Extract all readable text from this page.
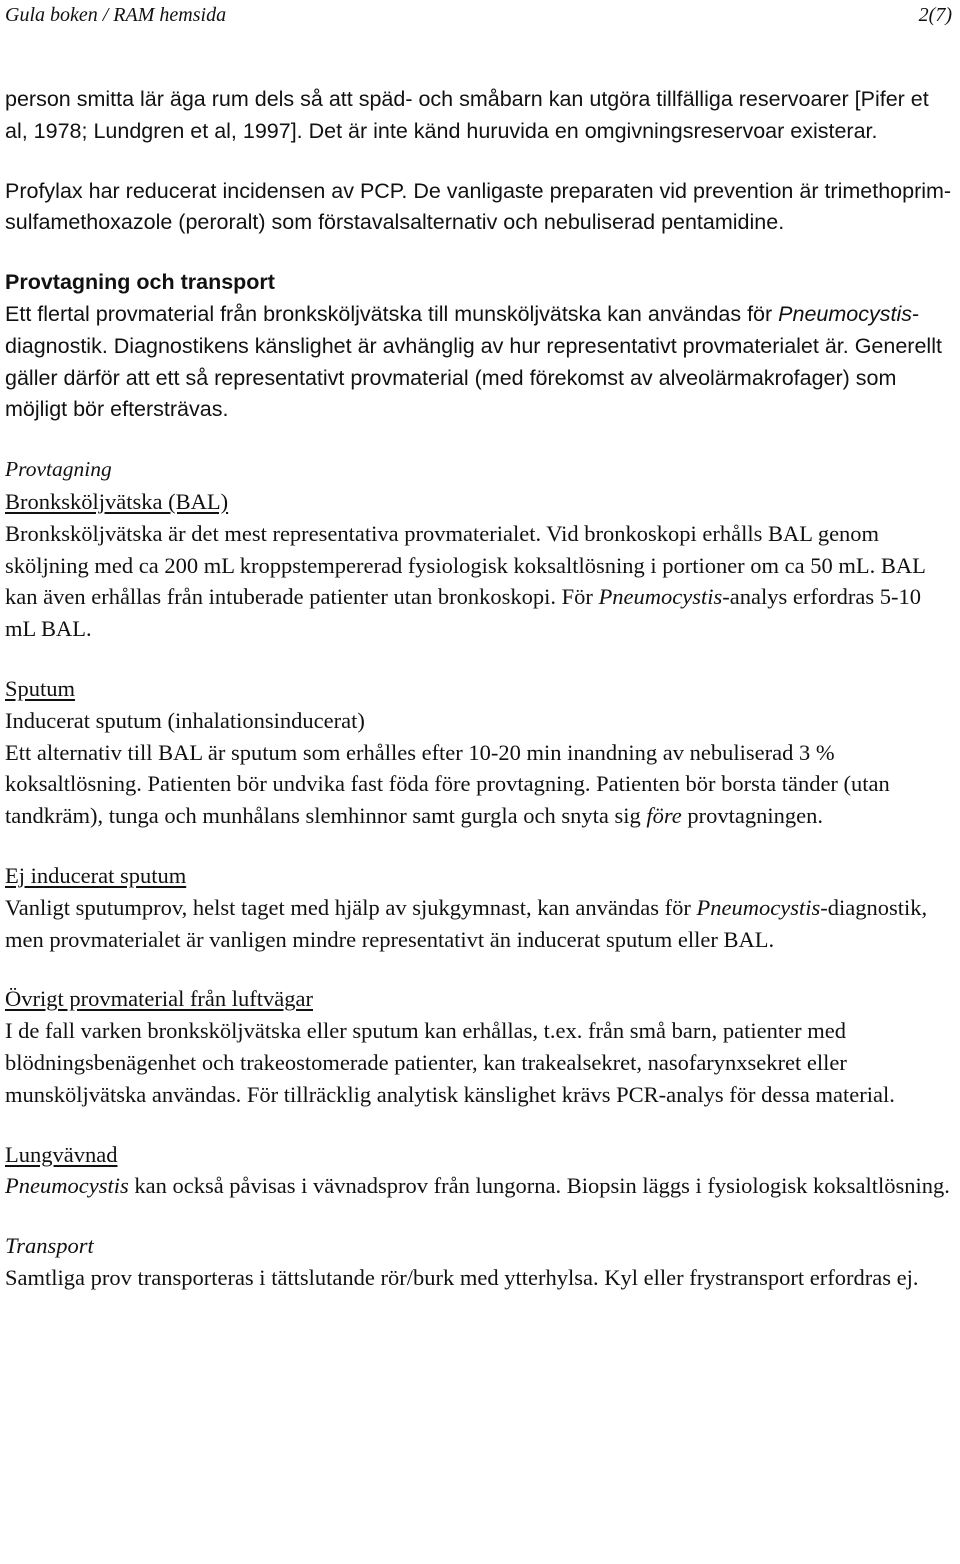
Gula boken / RAM hemsida	2(7)

person smitta lär äga rum dels så att späd- och småbarn kan utgöra tillfälliga reservoarer [Pifer et al, 1978; Lundgren et al, 1997]. Det är inte känd huruvida en omgivningsreservoar existerar.

Profylax har reducerat incidensen av PCP. De vanligaste preparaten vid prevention är trimethoprim-sulfamethoxazole (peroralt) som förstavalsalternativ och nebuliserad pentamidine.

Provtagning och transport
Ett flertal provmaterial från bronksköljvätska till munsköljvätska kan användas för Pneumocystis-diagnostik. Diagnostikens känslighet är avhänglig av hur representativt provmaterialet är. Generellt gäller därför att ett så representativt provmaterial (med förekomst av alveolärmakrofager) som möjligt bör eftersträvas.

Provtagning
Bronksköljvätska (BAL)
Bronksköljvätska är det mest representativa provmaterialet. Vid bronkoskopi erhålls BAL genom sköljning med ca 200 mL kroppstempererad fysiologisk koksaltlösning i portioner om ca 50 mL. BAL kan även erhållas från intuberade patienter utan bronkoskopi. För Pneumocystis-analys erfordras 5-10 mL BAL.

Sputum
Inducerat sputum (inhalationsinducerat)
Ett alternativ till BAL är sputum som erhålles efter 10-20 min inandning av nebuliserad 3 % koksaltlösning. Patienten bör undvika fast föda före provtagning. Patienten bör borsta tänder (utan tandkräm), tunga och munhålans slemhinnor samt gurgla och snyta sig före provtagningen.

Ej inducerat sputum
Vanligt sputumprov, helst taget med hjälp av sjukgymnast, kan användas för Pneumocystis-diagnostik, men provmaterialet är vanligen mindre representativt än inducerat sputum eller BAL.

Övrigt provmaterial från luftvägar
I de fall varken bronksköljvätska eller sputum kan erhållas, t.ex. från små barn, patienter med blödningsbenägenhet och trakeostomerade patienter, kan trakealsekret, nasofarynxsekret eller munsköljvätska användas. För tillräcklig analytisk känslighet krävs PCR-analys för dessa material.

Lungvävnad
Pneumocystis kan också påvisas i vävnadsprov från lungorna. Biopsin läggs i fysiologisk koksaltlösning.

Transport
Samtliga prov transporteras i tättslutande rör/burk med ytterhylsa. Kyl eller frystransport erfordras ej.
